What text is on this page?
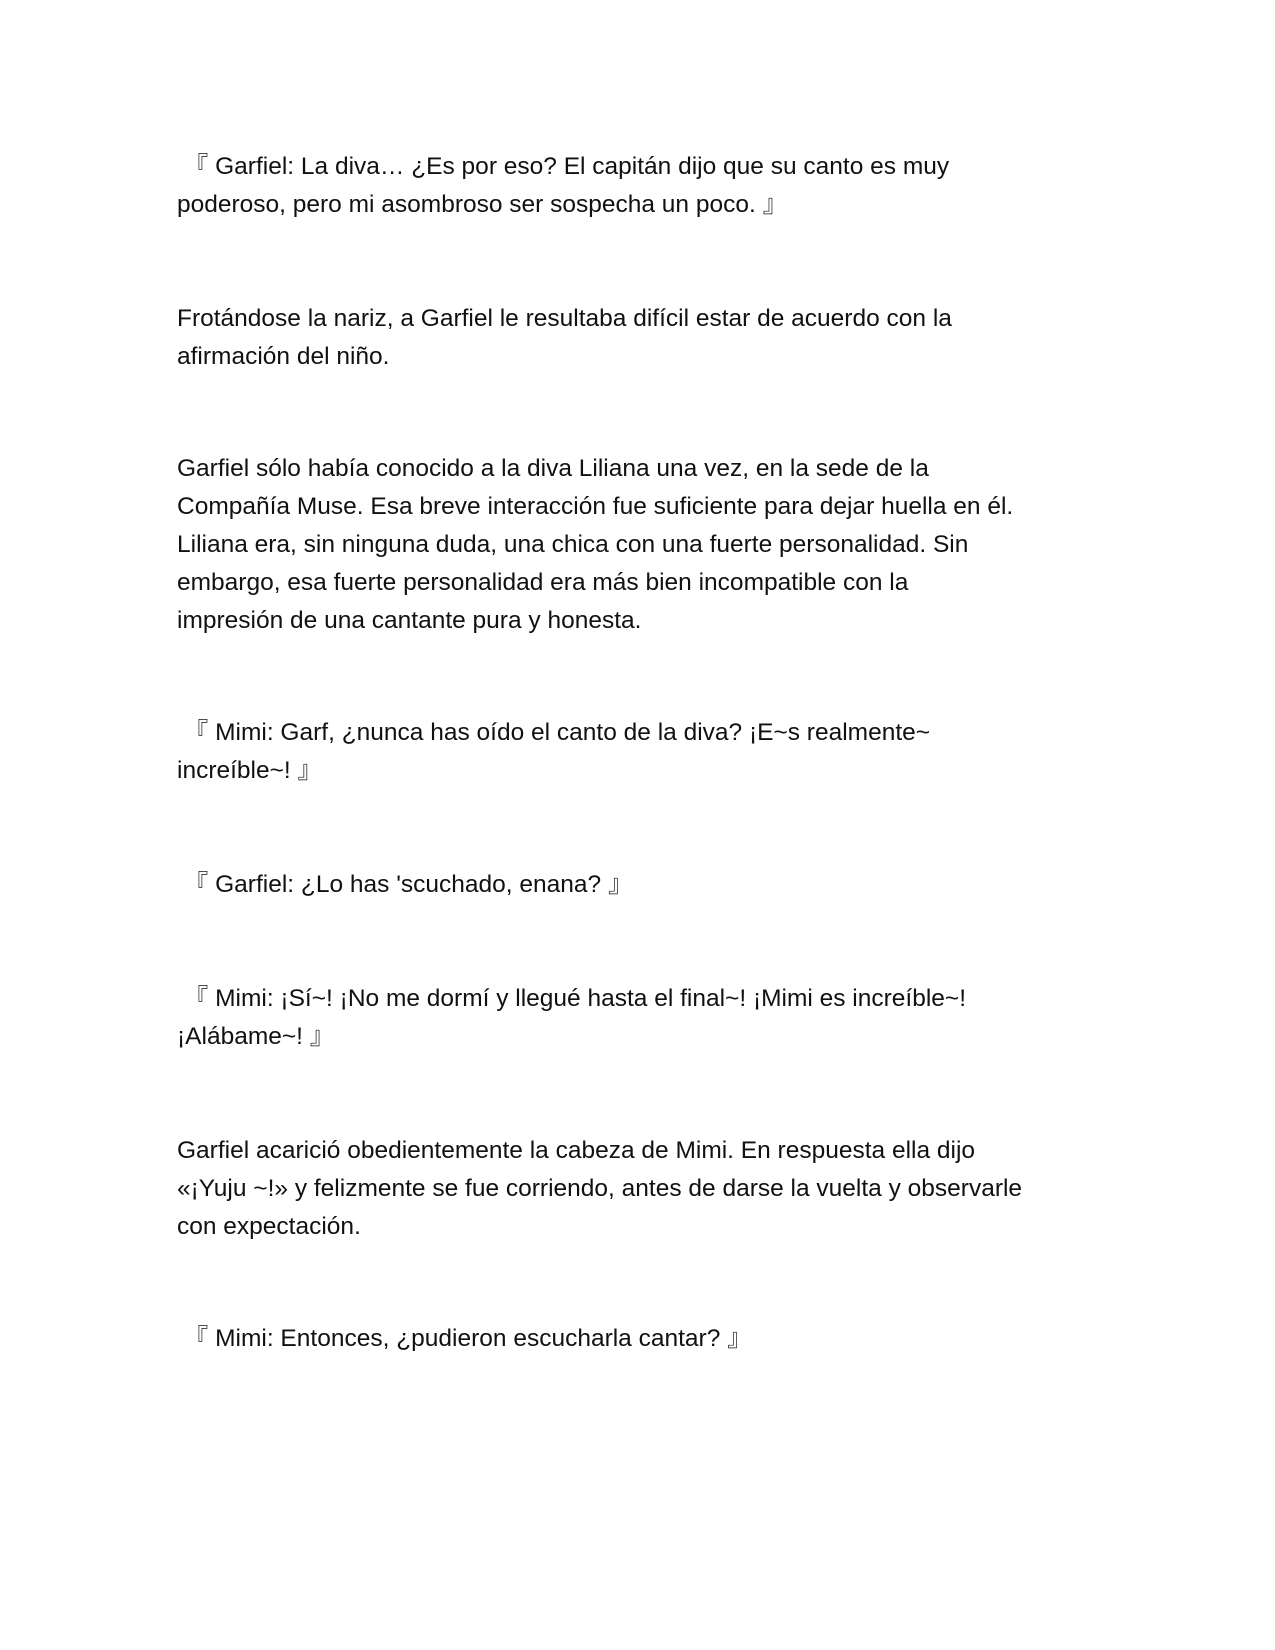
『 Garfiel: La diva… ¿Es por eso? El capitán dijo que su canto es muy
poderoso, pero mi asombroso ser sospecha un poco. 』

Frotándose la nariz, a Garfiel le resultaba difícil estar de acuerdo con la
afirmación del niño.

Garfiel sólo había conocido a la diva Liliana una vez, en la sede de la
Compañía Muse. Esa breve interacción fue suficiente para dejar huella en él.
Liliana era, sin ninguna duda, una chica con una fuerte personalidad. Sin
embargo, esa fuerte personalidad era más bien incompatible con la
impresión de una cantante pura y honesta.

『 Mimi: Garf, ¿nunca has oído el canto de la diva? ¡E~s realmente~
increíble~! 』

『 Garfiel: ¿Lo has 'scuchado, enana? 』

『 Mimi: ¡Sí~! ¡No me dormí y llegué hasta el final~! ¡Mimi es increíble~!
¡Alábame~! 』

Garfiel acarició obedientemente la cabeza de Mimi. En respuesta ella dijo
«¡Yuju ~!» y felizmente se fue corriendo, antes de darse la vuelta y observarle
con expectación.

『 Mimi: Entonces, ¿pudieron escucharla cantar? 』
